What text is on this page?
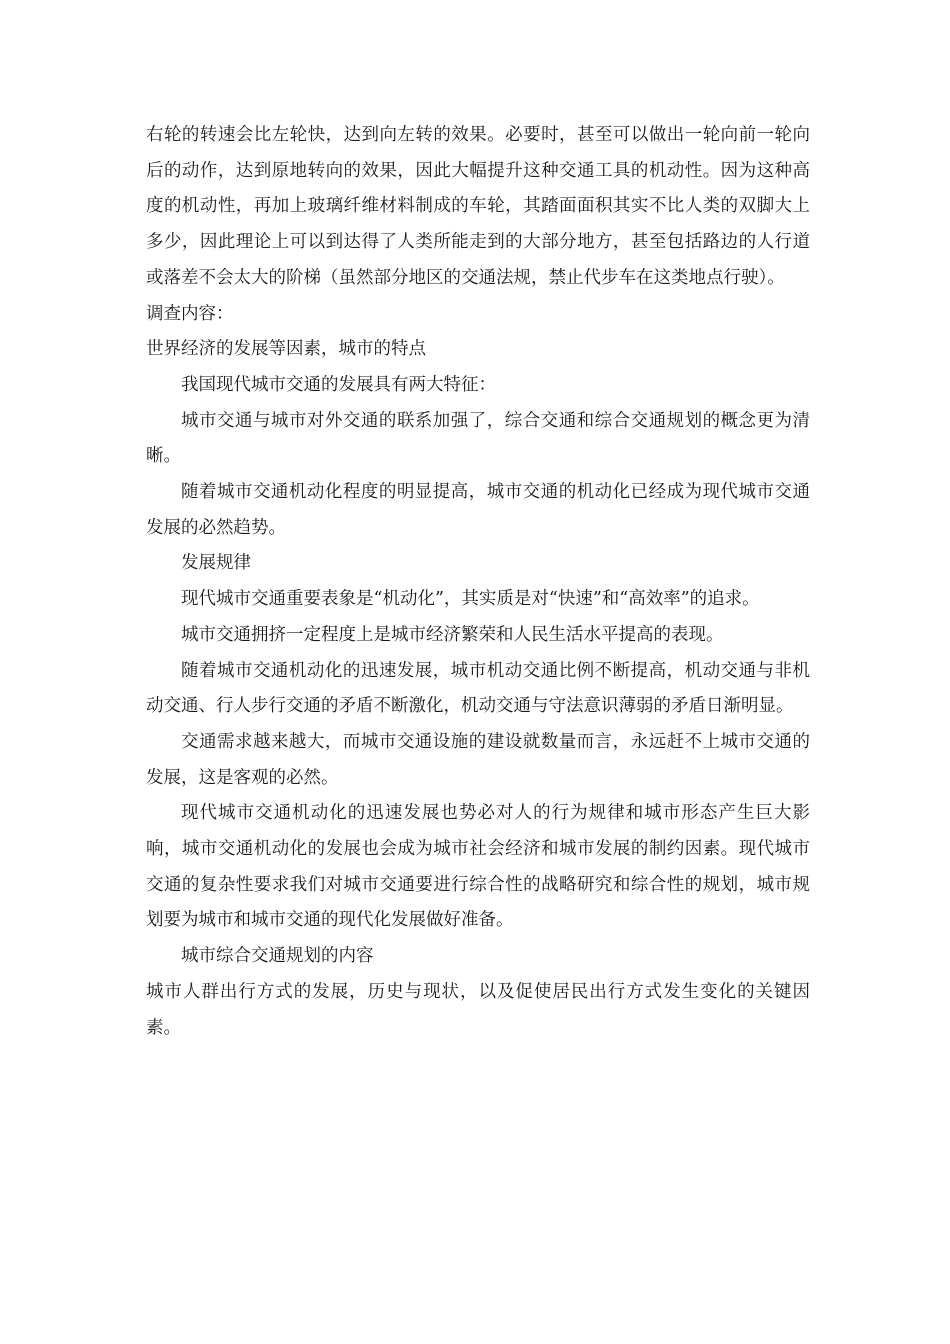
右轮的转速会比左轮快，达到向左转的效果。必要时，甚至可以做出一轮向前一轮向后的动作，达到原地转向的效果，因此大幅提升这种交通工具的机动性。因为这种高度的机动性，再加上玻璃纤维材料制成的车轮，其踏面面积其实不比人类的双脚大上多少，因此理论上可以到达得了人类所能走到的大部分地方，甚至包括路边的人行道或落差不会太大的阶梯（虽然部分地区的交通法规，禁止代步车在这类地点行驶）。

调查内容：

世界经济的发展等因素，城市的特点

我国现代城市交通的发展具有两大特征：

城市交通与城市对外交通的联系加强了，综合交通和综合交通规划的概念更为清晰。

随着城市交通机动化程度的明显提高，城市交通的机动化已经成为现代城市交通发展的必然趋势。

发展规律

现代城市交通重要表象是“机动化”，其实质是对“快速”和“高效率”的追求。

城市交通拥挤一定程度上是城市经济繁荣和人民生活水平提高的表现。

随着城市交通机动化的迅速发展，城市机动交通比例不断提高，机动交通与非机动交通、行人步行交通的矛盾不断激化，机动交通与守法意识薄弱的矛盾日渐明显。

交通需求越来越大，而城市交通设施的建设就数量而言，永远赶不上城市交通的发展，这是客观的必然。

现代城市交通机动化的迅速发展也势必对人的行为规律和城市形态产生巨大影响，城市交通机动化的发展也会成为城市社会经济和城市发展的制约因素。现代城市交通的复杂性要求我们对城市交通要进行综合性的战略研究和综合性的规划，城市规划要为城市和城市交通的现代化发展做好准备。

城市综合交通规划的内容

城市人群出行方式的发展，历史与现状，以及促使居民出行方式发生变化的关键因素。
